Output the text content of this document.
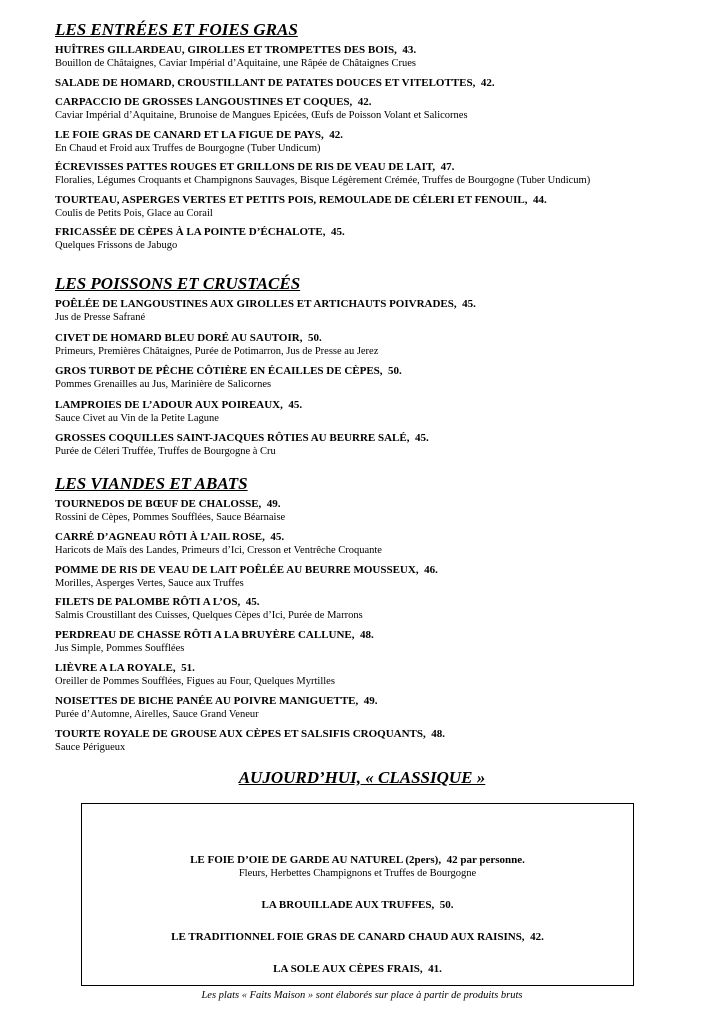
LES ENTRÉES ET FOIES GRAS
HUÎTRES GILLARDEAU, GIROLLES ET TROMPETTES DES BOIS, 43.
Bouillon de Châtaignes, Caviar Impérial d’Aquitaine, une Râpée de Châtaignes Crues
SALADE DE HOMARD, CROUSTILLANT DE PATATES DOUCES ET VITELOTTES, 42.
CARPACCIO DE GROSSES LANGOUSTINES ET COQUES, 42.
Caviar Impérial d’Aquitaine, Brunoise de Mangues Epicées, Œufs de Poisson Volant et Salicornes
LE FOIE GRAS DE CANARD ET LA FIGUE DE PAYS, 42.
En Chaud et Froid aux Truffes de Bourgogne (Tuber Undicum)
ÉCREVISSES PATTES ROUGES ET GRILLONS DE RIS DE VEAU DE LAIT, 47.
Floralies, Légumes Croquants et Champignons Sauvages, Bisque Légèrement Crémée, Truffes de Bourgogne (Tuber Undicum)
TOURTEAU, ASPERGES VERTES ET PETITS POIS, REMOULADE DE CÉLERI ET FENOUIL, 44.
Coulis de Petits Pois, Glace au Corail
FRICASSÉE DE CÈPES À LA POINTE D’ÉCHALOTE, 45.
Quelques Frissons de Jabugo
LES POISSONS ET CRUSTACÉS
POÊLÉE DE LANGOUSTINES AUX GIROLLES ET ARTICHAUTS POIVRADES, 45.
Jus de Presse Safrané
CIVET DE HOMARD BLEU DORÉ AU SAUTOIR, 50.
Primeurs, Premières Châtaignes, Purée de Potimarron, Jus de Presse au Jerez
GROS TURBOT DE PÊCHE CÔTIÈRE EN ÉCAILLES DE CÈPES, 50.
Pommes Grenailles au Jus, Marinière de Salicornes
LAMPROIES DE L’ADOUR AUX POIREAUX, 45.
Sauce Civet au Vin de la Petite Lagune
GROSSES COQUILLES SAINT-JACQUES RÔTIES AU BEURRE SALÉ, 45.
Purée de Céleri Truffée, Truffes de Bourgogne à Cru
LES VIANDES ET ABATS
TOURNEDOS DE BŒUF DE CHALOSSE, 49.
Rossini de Cèpes, Pommes Soufflées, Sauce Béarnaise
CARRÉ D’AGNEAU RÔTI À L’AIL ROSE, 45.
Haricots de Maïs des Landes, Primeurs d’Ici, Cresson et Ventrêche Croquante
POMME DE RIS DE VEAU DE LAIT POÊLÉE AU BEURRE MOUSSEUX, 46.
Morilles, Asperges Vertes, Sauce aux Truffes
FILETS DE PALOMBE RÔTI A L’OS, 45.
Salmis Croustillant des Cuisses, Quelques Cèpes d’Ici, Purée de Marrons
PERDREAU DE CHASSE RÔTI A LA BRUYÈRE CALLUNE, 48.
Jus Simple, Pommes Soufflées
LIÈVRE A LA ROYALE, 51.
Oreiller de Pommes Soufflées, Figues au Four, Quelques Myrtilles
NOISETTES DE BICHE PANÉE AU POIVRE MANIGUETTE, 49.
Purée d’Automne, Airelles, Sauce Grand Veneur
TOURTE ROYALE DE GROUSE AUX CÈPES ET SALSIFIS CROQUANTS, 48.
Sauce Périgueux
AUJOURD’HUI, « CLASSIQUE »
LE FOIE D’OIE DE GARDE AU NATUREL (2pers), 42 par personne.
Fleurs, Herbettes Champignons et Truffes de Bourgogne
LA BROUILLADE AUX TRUFFES, 50.
LE TRADITIONNEL FOIE GRAS DE CANARD CHAUD AUX RAISINS, 42.
LA SOLE AUX CÈPES FRAIS, 41.
Les plats « Faits Maison » sont élaborés sur place à partir de produits bruts
